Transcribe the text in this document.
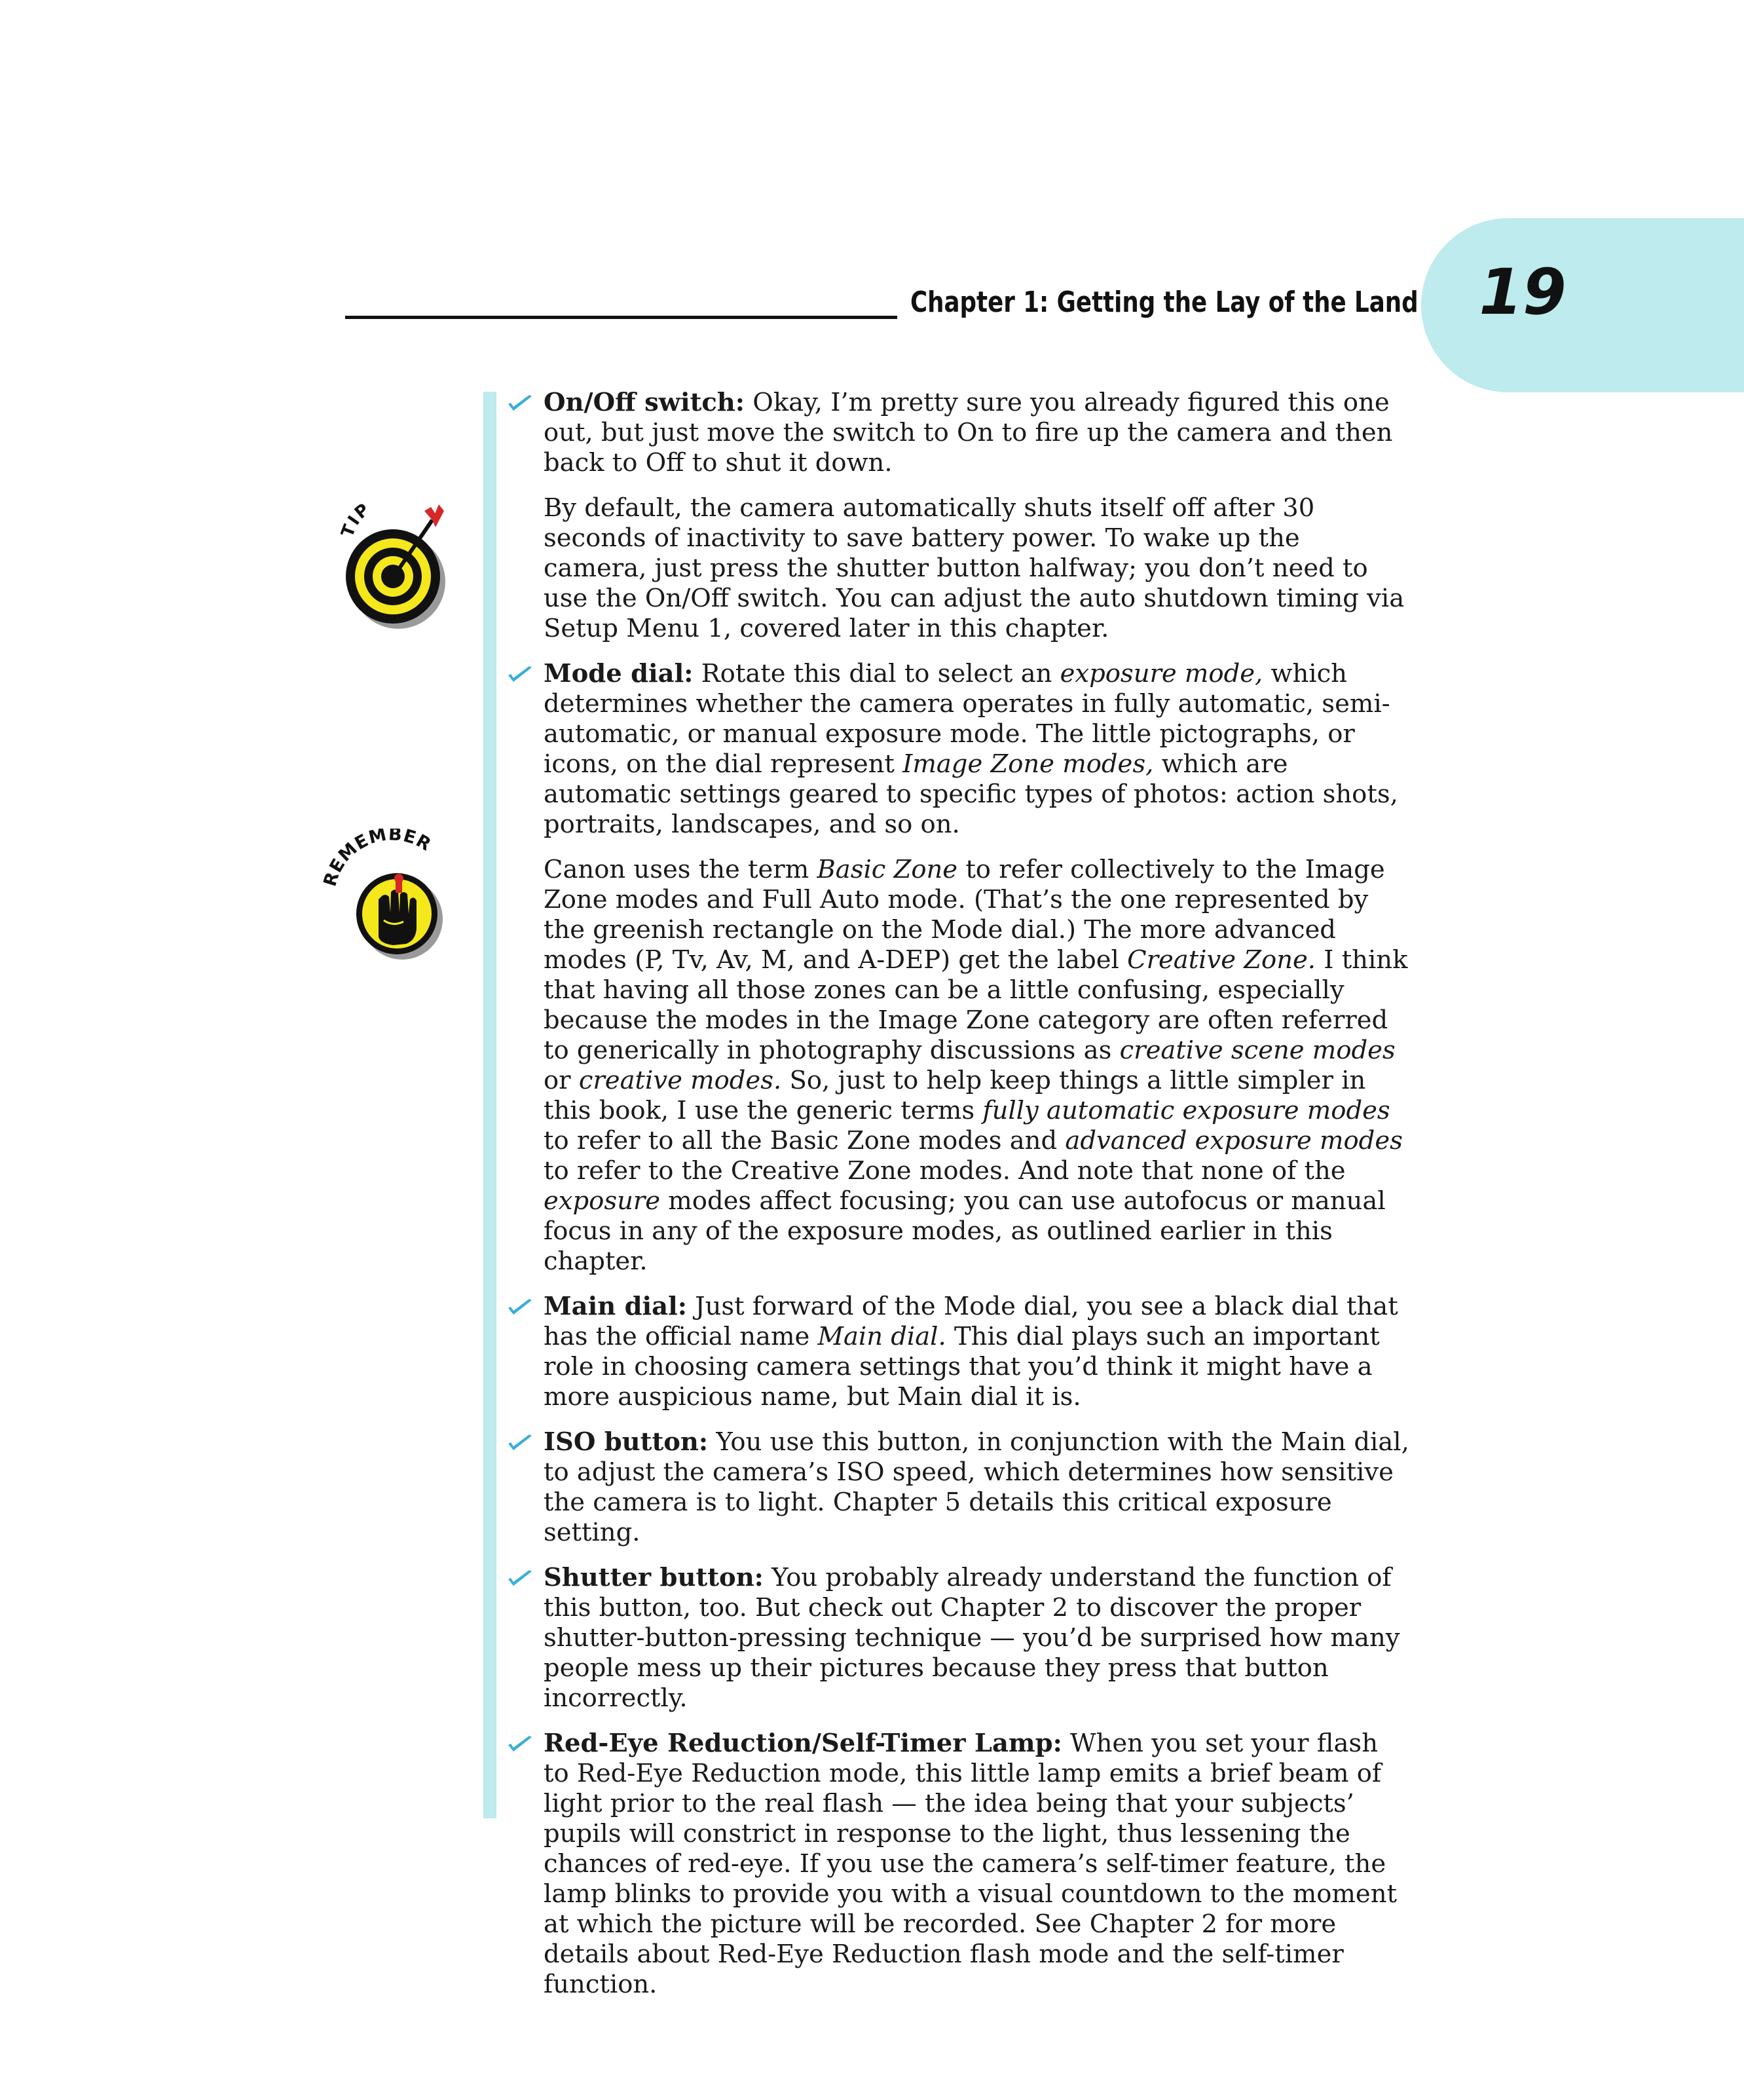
19
Chapter 1: Getting the Lay of the Land
IP
REMEMBER

On/Off switch: Okay, I’m pretty sure you already figured this one out, but just move the switch to On to fire up the camera and then back to Off to shut it down.

By default, the camera automatically shuts itself off after 30 seconds of inactivity to save battery power. To wake up the camera, just press the shutter button halfway; you don’t need to use the On/Off switch. You can adjust the auto shutdown timing via Setup Menu 1, covered later in this chapter.

Mode dial: Rotate this dial to select an exposure mode, which determines whether the camera operates in fully automatic, semi-automatic, or manual exposure mode. The little pictographs, or icons, on the dial represent Image Zone modes, which are automatic settings geared to specific types of photos: action shots, portraits, landscapes, and so on.

Canon uses the term Basic Zone to refer collectively to the Image Zone modes and Full Auto mode. (That’s the one represented by the greenish rectangle on the Mode dial.) The more advanced modes (P, Tv, Av, M, and A-DEP) get the label Creative Zone. I think that having all those zones can be a little confusing, especially because the modes in the Image Zone category are often referred to generically in photography discussions as creative scene modes or creative modes. So, just to help keep things a little simpler in this book, I use the generic terms fully automatic exposure modes to refer to all the Basic Zone modes and advanced exposure modes to refer to the Creative Zone modes. And note that none of the exposure modes affect focusing; you can use autofocus or manual focus in any of the exposure modes, as outlined earlier in this chapter.

Main dial: Just forward of the Mode dial, you see a black dial that has the official name Main dial. This dial plays such an important role in choosing camera settings that you’d think it might have a more auspicious name, but Main dial it is.

ISO button: You use this button, in conjunction with the Main dial, to adjust the camera’s ISO speed, which determines how sensitive the camera is to light. Chapter 5 details this critical exposure setting.

Shutter button: You probably already understand the function of this button, too. But check out Chapter 2 to discover the proper shutter-button-pressing technique — you’d be surprised how many people mess up their pictures because they press that button incorrectly.

Red-Eye Reduction/Self-Timer Lamp: When you set your flash to Red-Eye Reduction mode, this little lamp emits a brief beam of light prior to the real flash — the idea being that your subjects’ pupils will constrict in response to the light, thus lessening the chances of red-eye. If you use the camera’s self-timer feature, the lamp blinks to provide you with a visual countdown to the moment at which the picture will be recorded. See Chapter 2 for more details about Red-Eye Reduction flash mode and the self-timer function.
